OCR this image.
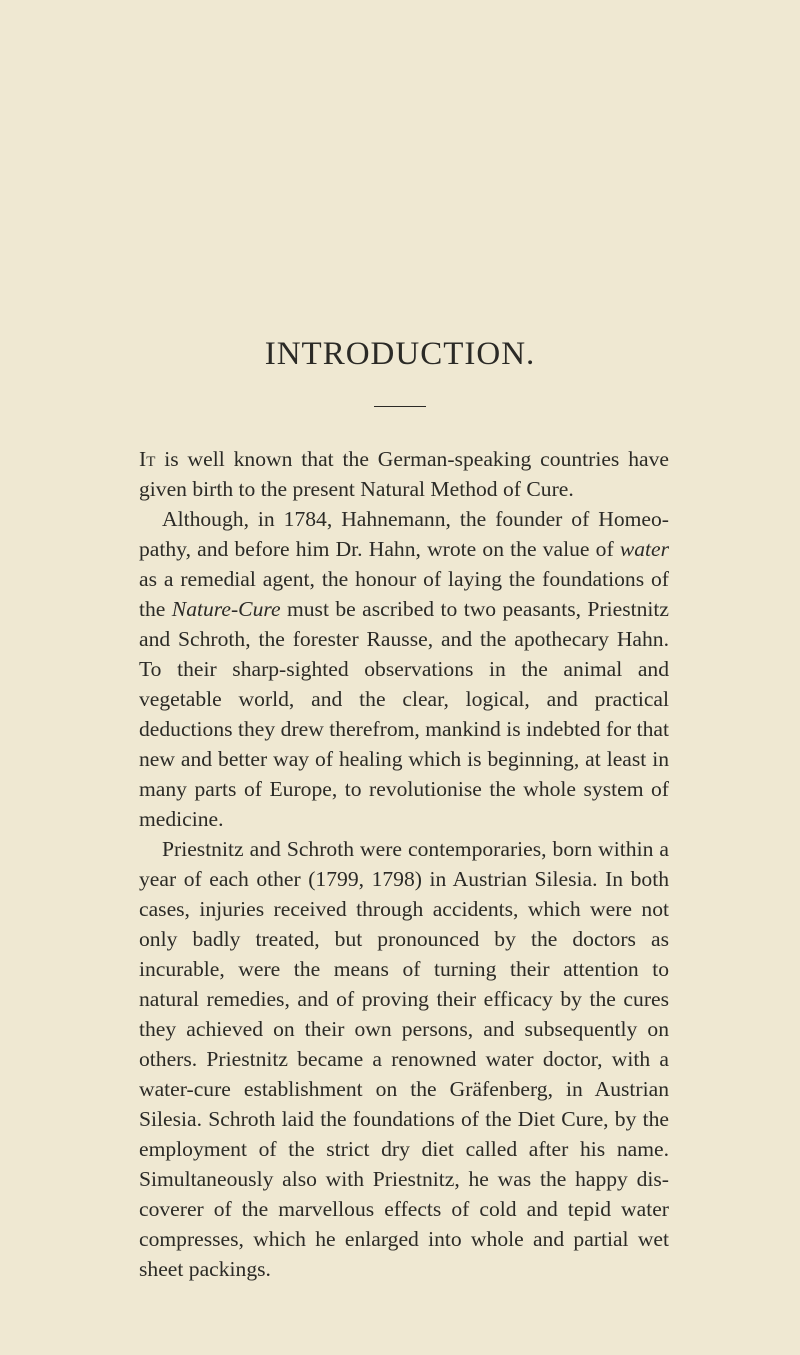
INTRODUCTION.

It is well known that the German-speaking countries have given birth to the present Natural Method of Cure.

Although, in 1784, Hahnemann, the founder of Homeopathy, and before him Dr. Hahn, wrote on the value of water as a remedial agent, the honour of laying the foundations of the Nature-Cure must be ascribed to two peasants, Priestnitz and Schroth, the forester Rausse, and the apothecary Hahn. To their sharp-sighted observations in the animal and vegetable world, and the clear, logical, and practical deductions they drew therefrom, mankind is indebted for that new and better way of healing which is beginning, at least in many parts of Europe, to revolutionise the whole system of medicine.

Priestnitz and Schroth were contemporaries, born within a year of each other (1799, 1798) in Austrian Silesia. In both cases, injuries received through accidents, which were not only badly treated, but pronounced by the doctors as incurable, were the means of turning their attention to natural remedies, and of proving their efficacy by the cures they achieved on their own persons, and subsequently on others. Priestnitz became a renowned water doctor, with a water-cure establishment on the Gräfenberg, in Austrian Silesia. Schroth laid the foundations of the Diet Cure, by the employment of the strict dry diet called after his name. Simultaneously also with Priestnitz, he was the happy discoverer of the marvellous effects of cold and tepid water compresses, which he enlarged into whole and partial wet sheet packings.
